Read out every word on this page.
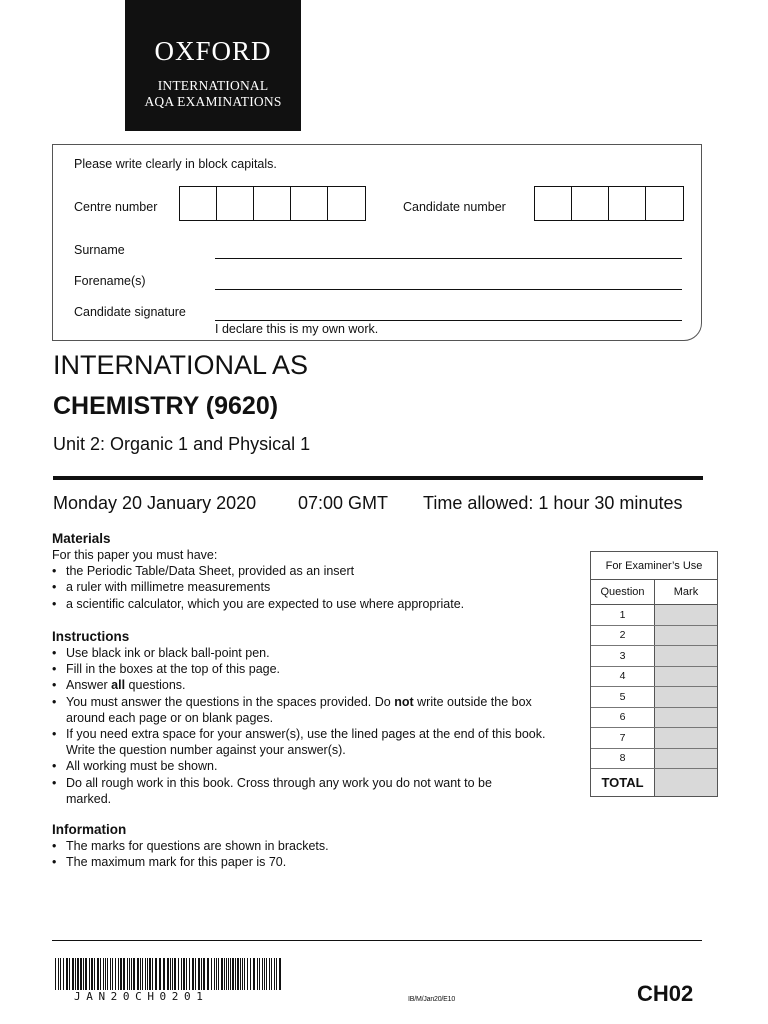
OXFORD
INTERNATIONAL
AQA EXAMINATIONS
Please write clearly in block capitals.
Centre number	Candidate number
Surname
Forename(s)
Candidate signature
I declare this is my own work.
INTERNATIONAL AS
CHEMISTRY (9620)
Unit 2: Organic 1 and Physical 1
Monday 20 January 2020 07:00 GMT Time allowed: 1 hour 30 minutes
Materials
For this paper you must have:
• the Periodic Table/Data Sheet, provided as an insert
• a ruler with millimetre measurements
• a scientific calculator, which you are expected to use where appropriate.
Instructions
• Use black ink or black ball-point pen.
• Fill in the boxes at the top of this page.
• Answer all questions.
• You must answer the questions in the spaces provided. Do not write outside the box around each page or on blank pages.
• If you need extra space for your answer(s), use the lined pages at the end of this book. Write the question number against your answer(s).
• All working must be shown.
• Do all rough work in this book. Cross through any work you do not want to be marked.
Information
• The marks for questions are shown in brackets.
• The maximum mark for this paper is 70.
For Examiner’s Use
Question	Mark
1
2
3
4
5
6
7
8
TOTAL
JAN20CH0201	IB/M/Jan20/E10	CH02
